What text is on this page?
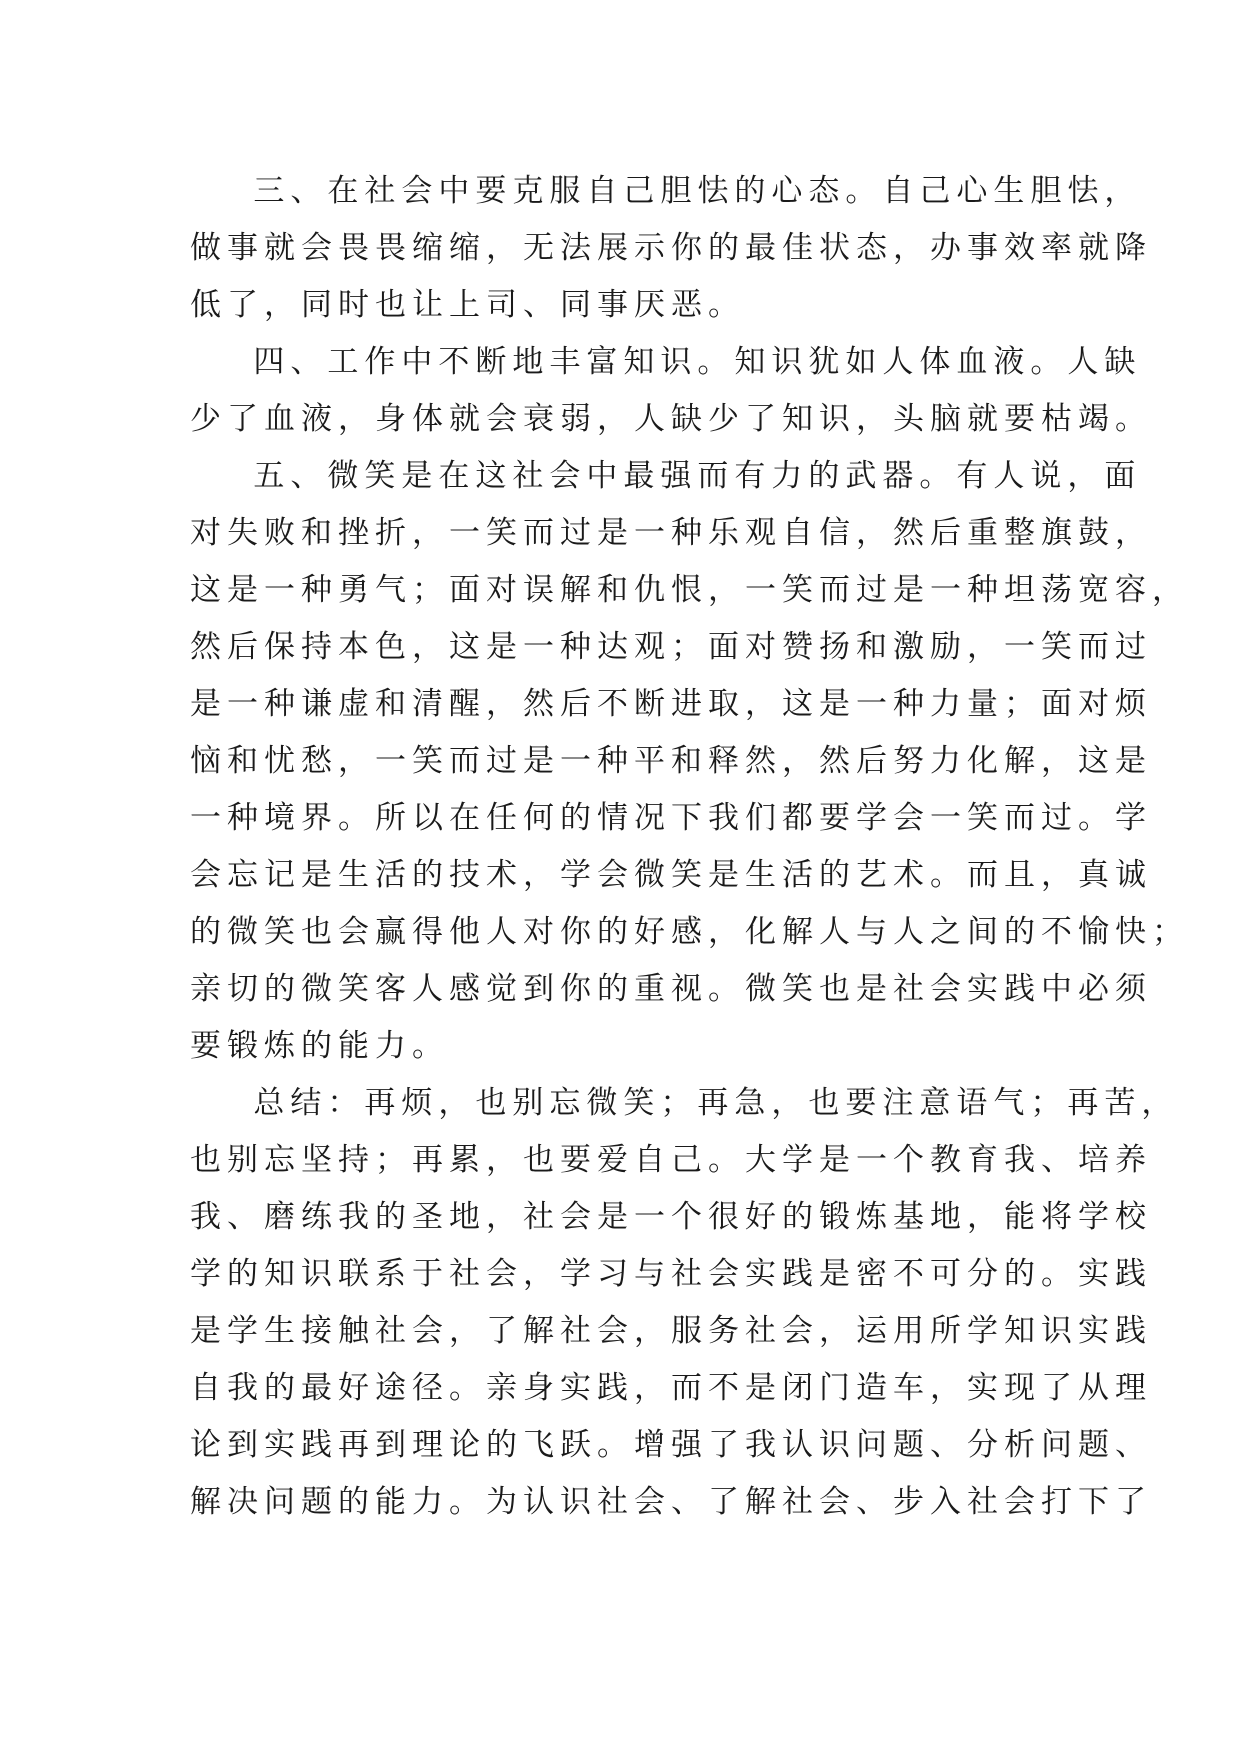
三、在社会中要克服自己胆怯的心态。自己心生胆怯，
做事就会畏畏缩缩，无法展示你的最佳状态，办事效率就降
低了，同时也让上司、同事厌恶。
四、工作中不断地丰富知识。知识犹如人体血液。人缺
少了血液，身体就会衰弱，人缺少了知识，头脑就要枯竭。
五、微笑是在这社会中最强而有力的武器。有人说，面
对失败和挫折，一笑而过是一种乐观自信，然后重整旗鼓，
这是一种勇气；面对误解和仇恨，一笑而过是一种坦荡宽容，
然后保持本色，这是一种达观；面对赞扬和激励，一笑而过
是一种谦虚和清醒，然后不断进取，这是一种力量；面对烦
恼和忧愁，一笑而过是一种平和释然，然后努力化解，这是
一种境界。所以在任何的情况下我们都要学会一笑而过。学
会忘记是生活的技术，学会微笑是生活的艺术。而且，真诚
的微笑也会赢得他人对你的好感，化解人与人之间的不愉快；
亲切的微笑客人感觉到你的重视。微笑也是社会实践中必须
要锻炼的能力。
总结：再烦，也别忘微笑；再急，也要注意语气；再苦，
也别忘坚持；再累，也要爱自己。大学是一个教育我、培养
我、磨练我的圣地，社会是一个很好的锻炼基地，能将学校
学的知识联系于社会，学习与社会实践是密不可分的。实践
是学生接触社会，了解社会，服务社会，运用所学知识实践
自我的最好途径。亲身实践，而不是闭门造车，实现了从理
论到实践再到理论的飞跃。增强了我认识问题、分析问题、
解决问题的能力。为认识社会、了解社会、步入社会打下了
